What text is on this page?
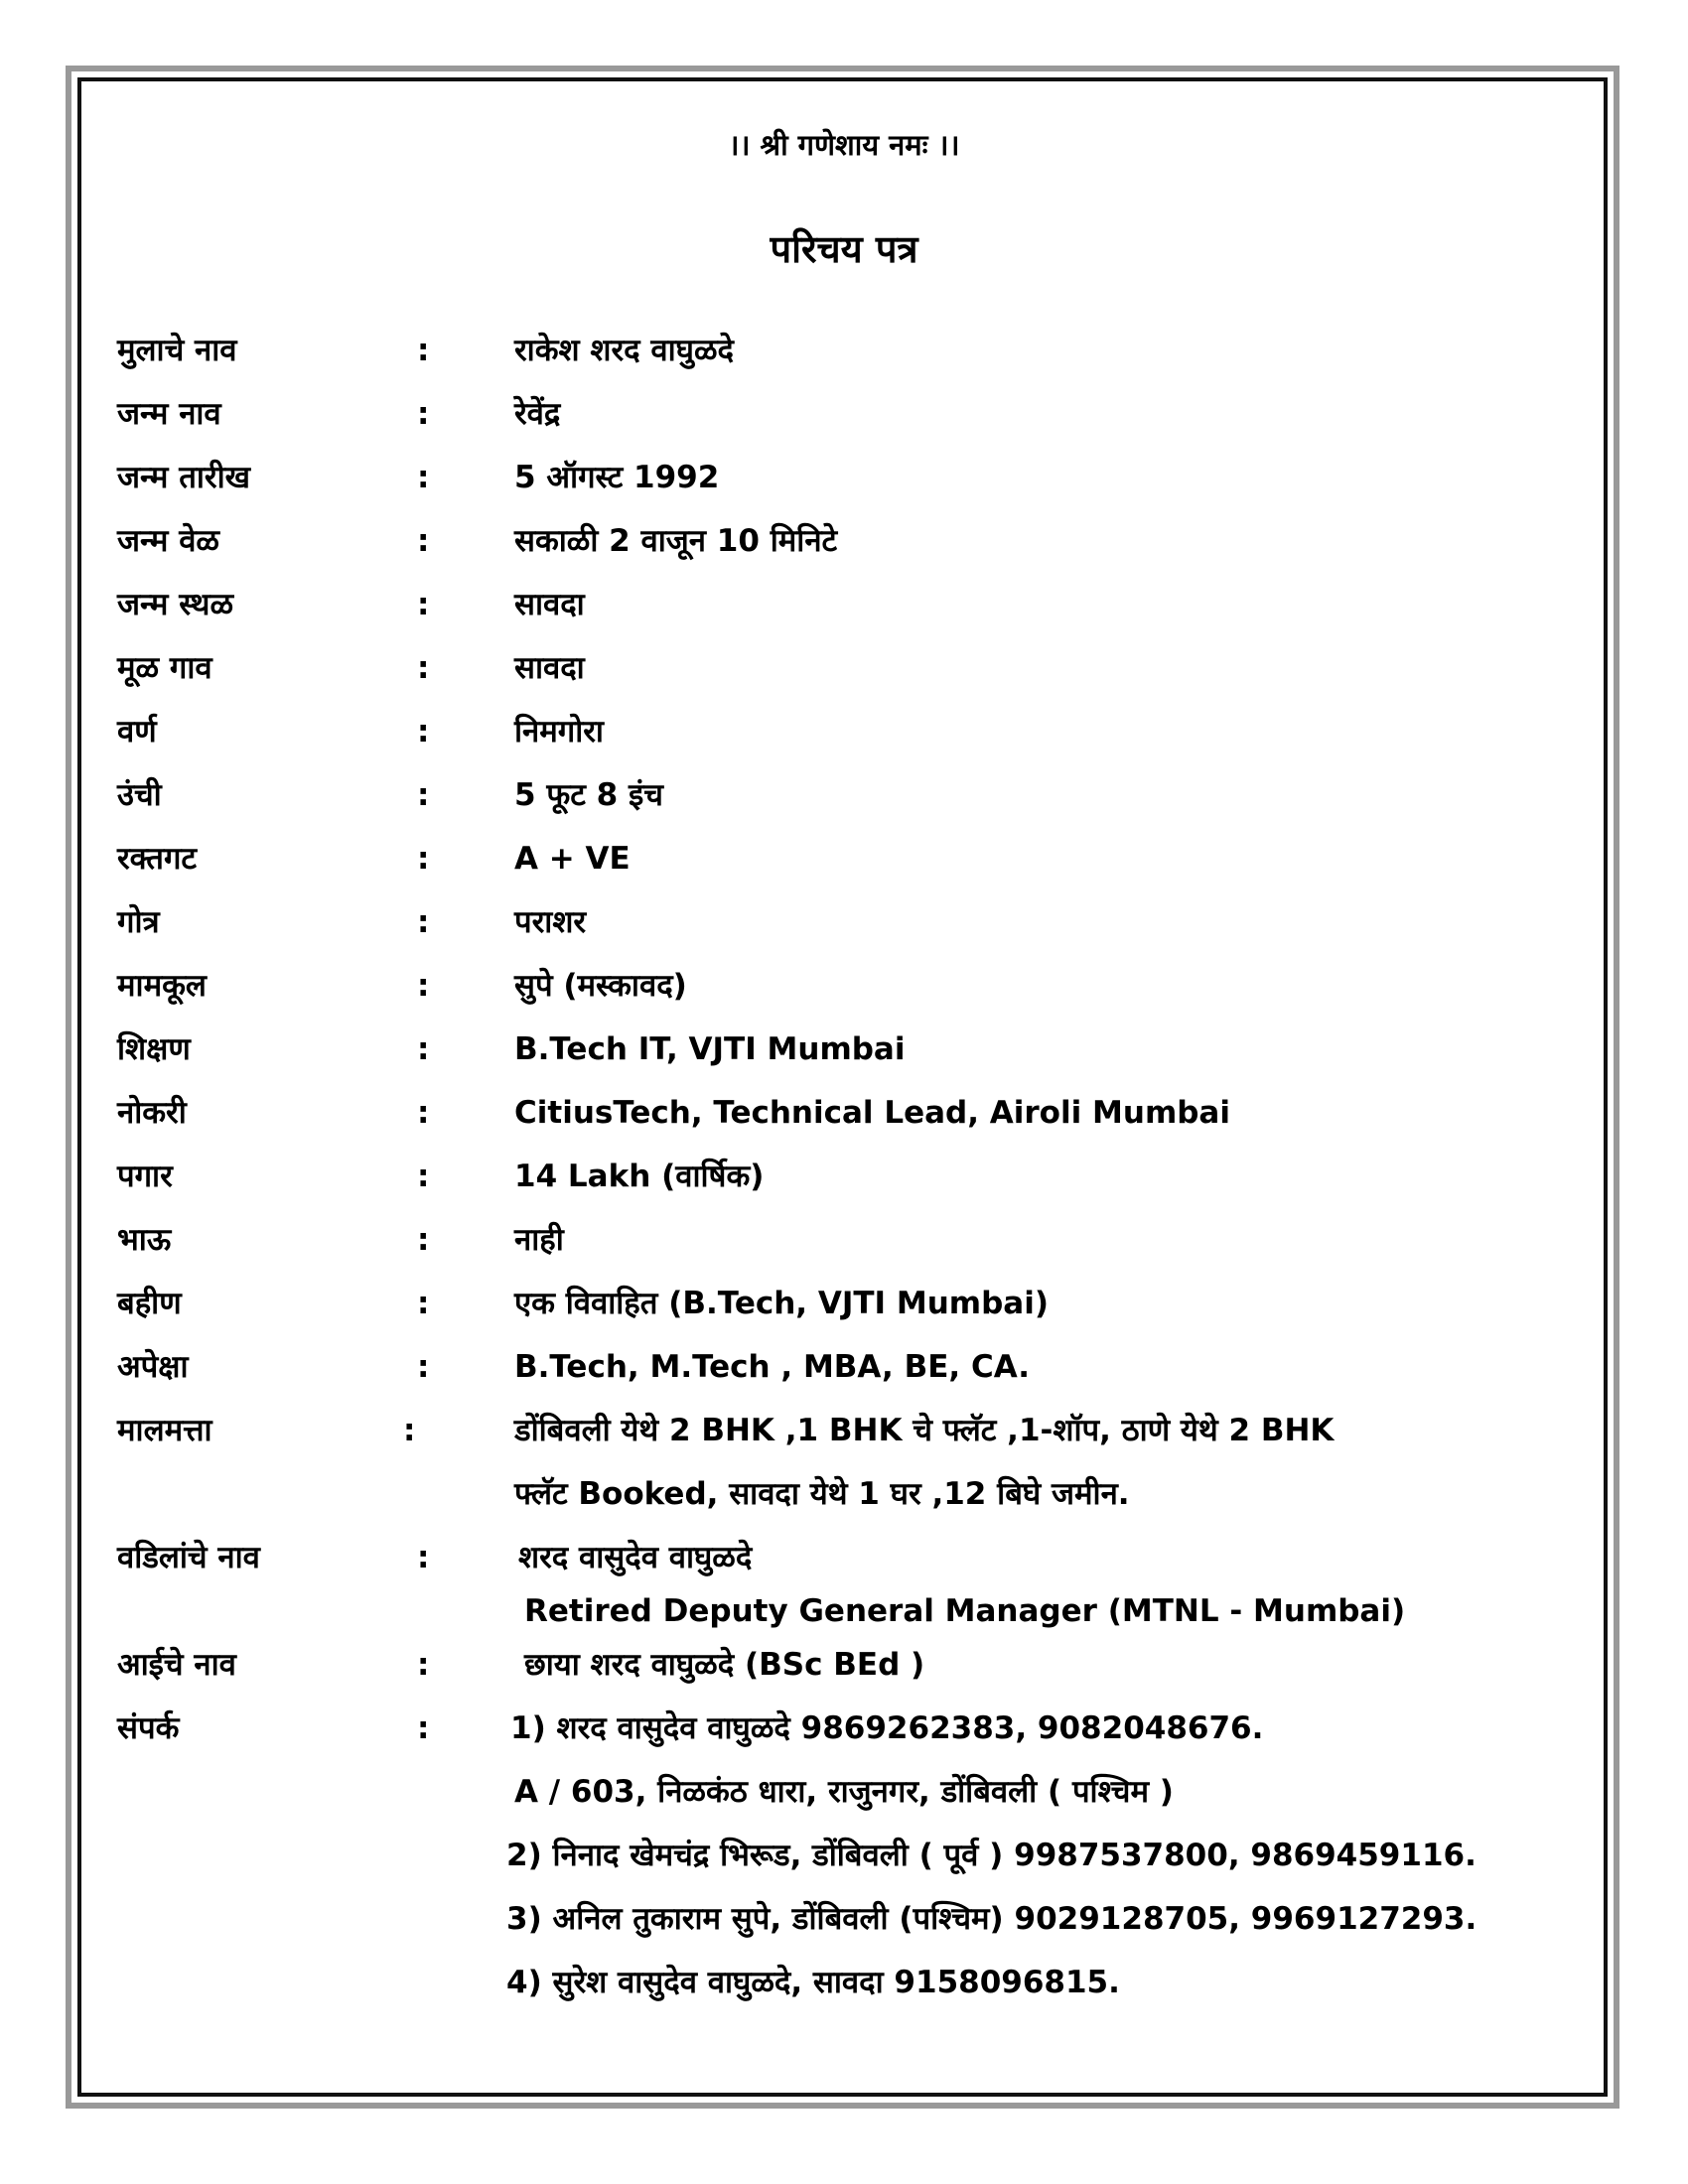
।। श्री गणेशाय नमः ।।
परिचय पत्र
मुलाचे नाव	:	राकेश शरद वाघुळदे
जन्म नाव	:	रेवेंद्र
जन्म तारीख	:	5 ऑगस्ट 1992
जन्म वेळ	:	सकाळी 2 वाजून 10 मिनिटे
जन्म स्थळ	:	सावदा
मूळ गाव	:	सावदा
वर्ण	:	निमगोरा
उंची	:	5 फूट 8 इंच
रक्तगट	:	A + VE
गोत्र	:	पराशर
मामकूल	:	सुपे (मस्कावद)
शिक्षण	:	B.Tech IT, VJTI Mumbai
नोकरी	:	CitiusTech, Technical Lead, Airoli Mumbai
पगार	:	14 Lakh (वार्षिक)
भाऊ	:	नाही
बहीण	:	एक विवाहित (B.Tech, VJTI Mumbai)
अपेक्षा	:	B.Tech, M.Tech , MBA, BE, CA.
मालमत्ता	:	डोंबिवली येथे 2 BHK ,1 BHK चे फ्लॅट ,1-शॉप, ठाणे येथे 2 BHK
फ्लॅट Booked, सावदा येथे 1 घर ,12 बिघे जमीन.
वडिलांचे नाव	:	शरद वासुदेव वाघुळदे
Retired Deputy General Manager (MTNL - Mumbai)
आईचे नाव	:	छाया शरद वाघुळदे (BSc BEd )
संपर्क	:	1) शरद वासुदेव वाघुळदे 9869262383, 9082048676.
A / 603, निळकंठ धारा, राजुनगर, डोंबिवली ( पश्चिम )
2) निनाद खेमचंद्र भिरूड, डोंबिवली ( पूर्व ) 9987537800, 9869459116.
3) अनिल तुकाराम सुपे, डोंबिवली (पश्चिम) 9029128705, 9969127293.
4) सुरेश वासुदेव वाघुळदे, सावदा 9158096815.
